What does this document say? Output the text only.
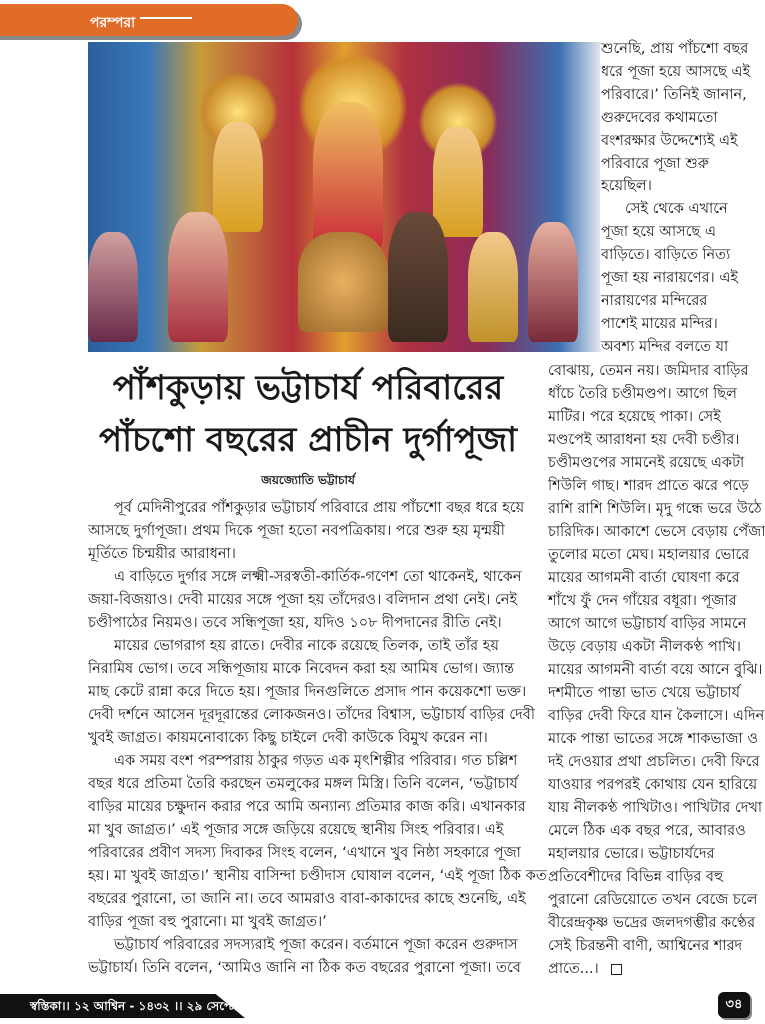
পরম্পরা
শুনেছি, প্রায় পাঁচশো বছর
ধরে পূজা হয়ে আসছে এই
পরিবারে।’ তিনিই জানান,
গুরুদেবের কথামতো
বংশরক্ষার উদ্দেশ্যেই এই
পরিবারে পূজা শুরু
হয়েছিল।
সেই থেকে এখানে
পূজা হয়ে আসছে এ
বাড়িতে। বাড়িতে নিত্য
পূজা হয় নারায়ণের। এই
নারায়ণের মন্দিরের
পাশেই মায়ের মন্দির।
অবশ্য মন্দির বলতে যা
পাঁশকুড়ায় ভট্টাচার্য পরিবারের
পাঁচশো বছরের প্রাচীন দুর্গাপূজা
জয়জ্যোতি ভট্টাচার্য
পূর্ব মেদিনীপুরের পাঁশকুড়ার ভট্টাচার্য পরিবারে প্রায় পাঁচশো বছর ধরে হয়ে
আসছে দুর্গাপূজা। প্রথম দিকে পূজা হতো নবপত্রিকায়। পরে শুরু হয় মৃন্ময়ী
মূর্তিতে চিন্ময়ীর আরাধনা।
এ বাড়িতে দুর্গার সঙ্গে লক্ষ্মী-সরস্বতী-কার্তিক-গণেশ তো থাকেনই, থাকেন
জয়া-বিজয়াও। দেবী মায়ের সঙ্গে পূজা হয় তাঁদেরও। বলিদান প্রথা নেই। নেই
চণ্ডীপাঠের নিয়মও। তবে সন্ধিপূজা হয়, যদিও ১০৮ দীপদানের রীতি নেই।
মায়ের ভোগরাগ হয় রাতে। দেবীর নাকে রয়েছে তিলক, তাই তাঁর হয়
নিরামিষ ভোগ। তবে সন্ধিপূজায় মাকে নিবেদন করা হয় আমিষ ভোগ। জ্যান্ত
মাছ কেটে রান্না করে দিতে হয়। পূজার দিনগুলিতে প্রসাদ পান কয়েকশো ভক্ত।
দেবী দর্শনে আসেন দূরদূরান্তের লোকজনও। তাঁদের বিশ্বাস, ভট্টাচার্য বাড়ির দেবী
খুবই জাগ্রত। কায়মনোবাক্যে কিছু চাইলে দেবী কাউকে বিমুখ করেন না।
এক সময় বংশ পরম্পরায় ঠাকুর গড়ত এক মৃৎশিল্পীর পরিবার। গত চল্লিশ
বছর ধরে প্রতিমা তৈরি করছেন তমলুকের মঙ্গল মিস্ত্রি। তিনি বলেন, ‘ভট্টাচার্য
বাড়ির মায়ের চক্ষুদান করার পরে আমি অন্যান্য প্রতিমার কাজ করি। এখানকার
মা খুব জাগ্রত।’ এই পূজার সঙ্গে জড়িয়ে রয়েছে স্থানীয় সিংহ পরিবার। এই
পরিবারের প্রবীণ সদস্য দিবাকর সিংহ বলেন, ‘এখানে খুব নিষ্ঠা সহকারে পূজা
হয়। মা খুবই জাগ্রত।’ স্থানীয় বাসিন্দা চণ্ডীদাস ঘোষাল বলেন, ‘এই পূজা ঠিক কত
বছরের পুরানো, তা জানি না। তবে আমরাও বাবা-কাকাদের কাছে শুনেছি, এই
বাড়ির পূজা বহু পুরানো। মা খুবই জাগ্রত।’
ভট্টাচার্য পরিবারের সদস্যরাই পূজা করেন। বর্তমানে পূজা করেন গুরুদাস
ভট্টাচার্য। তিনি বলেন, ‘আমিও জানি না ঠিক কত বছরের পুরানো পূজা। তবে
বোঝায়, তেমন নয়। জমিদার বাড়ির
ধাঁচে তৈরি চণ্ডীমণ্ডপ। আগে ছিল
মাটির। পরে হয়েছে পাকা। সেই
মণ্ডপেই আরাধনা হয় দেবী চণ্ডীর।
চণ্ডীমণ্ডপের সামনেই রয়েছে একটা
শিউলি গাছ। শারদ প্রাতে ঝরে পড়ে
রাশি রাশি শিউলি। মৃদু গন্ধে ভরে উঠে
চারিদিক। আকাশে ভেসে বেড়ায় পেঁজা
তুলোর মতো মেঘ। মহালয়ার ভোরে
মায়ের আগমনী বার্তা ঘোষণা করে
শাঁখে ফুঁ দেন গাঁয়ের বধূরা। পূজার
আগে আগে ভট্টাচার্য বাড়ির সামনে
উড়ে বেড়ায় একটা নীলকণ্ঠ পাখি।
মায়ের আগমনী বার্তা বয়ে আনে বুঝি।
দশমীতে পান্তা ভাত খেয়ে ভট্টাচার্য
বাড়ির দেবী ফিরে যান কৈলাসে। এদিন
মাকে পান্তা ভাতের সঙ্গে শাকভাজা ও
দই দেওয়ার প্রথা প্রচলিত। দেবী ফিরে
যাওয়ার পরপরই কোথায় যেন হারিয়ে
যায় নীলকণ্ঠ পাখিটাও। পাখিটার দেখা
মেলে ঠিক এক বছর পরে, আবারও
মহালয়ার ভোরে। ভট্টাচার্যদের
প্রতিবেশীদের বিভিন্ন বাড়ির বহু
পুরানো রেডিয়োতে তখন বেজে চলে
বীরেন্দ্রকৃষ্ণ ভদ্রের জলদগম্ভীর কণ্ঠের
সেই চিরন্তনী বাণী, আশ্বিনের শারদ
প্রাতে...।
স্বস্তিকা।। ১২ আশ্বিন - ১৪৩২ ।। ২৯ সেপ্টেম্বর - ২০২৫	৩৪
